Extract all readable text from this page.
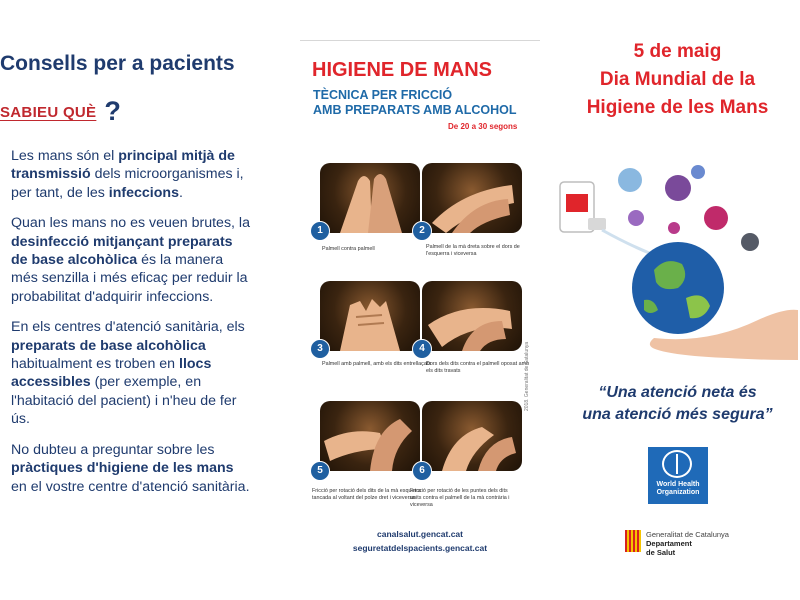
Consells per a pacients
SABIEU QUÈ ?

Les mans són el principal mitjà de transmissió dels microorganismes i, per tant, de les infeccions.

Quan les mans no es veuen brutes, la desinfecció mitjançant preparats de base alcohòlica és la manera més senzilla i més eficaç per reduir la probabilitat d'adquirir infeccions.

En els centres d'atenció sanitària, els preparats de base alcohòlica habitualment es troben en llocs accessibles (per exemple, en l'habitació del pacient) i n'heu de fer ús.

No dubteu a preguntar sobre les pràctiques d'higiene de les mans en el vostre centre d'atenció sanitària.

HIGIENE DE MANS
TÈCNICA PER FRICCIÓ
AMB PREPARATS AMB ALCOHOL
De 20 a 30 segons
1
Palmell contra palmell
2
Palmell de la mà dreta sobre el dors de l'esquerra i viceversa
3
Palmell amb palmell, amb els dits entrellaçats
4
Dors dels dits contra el palmell oposat amb els dits travats
5
Fricció per rotació dels dits de la mà esquerra tancada al voltant del polze dret i viceversa
6
Fricció per rotació de les puntes dels dits units contra el palmell de la mà contrària i viceversa
2018. Generalitat de Catalunya
canalsalut.gencat.cat
seguretatdelspacients.gencat.cat
5 de maig
Dia Mundial de la
Higiene de les Mans
“Una atenció neta és
una atenció més segura”
World Health
Organization
Generalitat de Catalunya
Departament
de Salut
